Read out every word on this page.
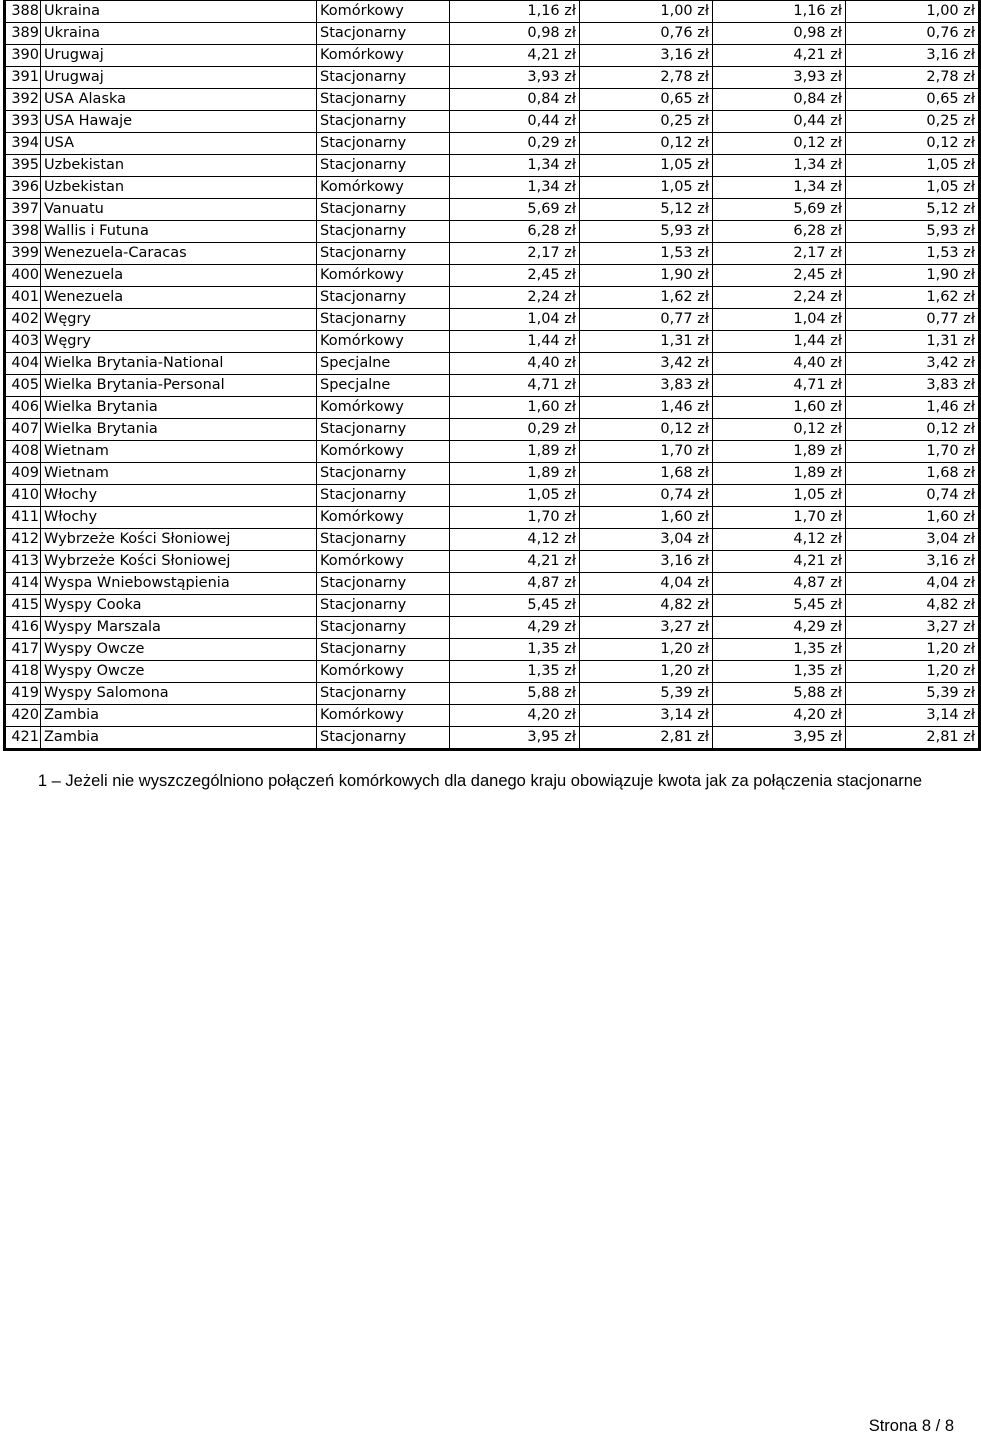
388	Ukraina	Komórkowy	1,16 zł	1,00 zł	1,16 zł	1,00 zł
389	Ukraina	Stacjonarny	0,98 zł	0,76 zł	0,98 zł	0,76 zł
390	Urugwaj	Komórkowy	4,21 zł	3,16 zł	4,21 zł	3,16 zł
391	Urugwaj	Stacjonarny	3,93 zł	2,78 zł	3,93 zł	2,78 zł
392	USA Alaska	Stacjonarny	0,84 zł	0,65 zł	0,84 zł	0,65 zł
393	USA Hawaje	Stacjonarny	0,44 zł	0,25 zł	0,44 zł	0,25 zł
394	USA	Stacjonarny	0,29 zł	0,12 zł	0,12 zł	0,12 zł
395	Uzbekistan	Stacjonarny	1,34 zł	1,05 zł	1,34 zł	1,05 zł
396	Uzbekistan	Komórkowy	1,34 zł	1,05 zł	1,34 zł	1,05 zł
397	Vanuatu	Stacjonarny	5,69 zł	5,12 zł	5,69 zł	5,12 zł
398	Wallis i Futuna	Stacjonarny	6,28 zł	5,93 zł	6,28 zł	5,93 zł
399	Wenezuela-Caracas	Stacjonarny	2,17 zł	1,53 zł	2,17 zł	1,53 zł
400	Wenezuela	Komórkowy	2,45 zł	1,90 zł	2,45 zł	1,90 zł
401	Wenezuela	Stacjonarny	2,24 zł	1,62 zł	2,24 zł	1,62 zł
402	Węgry	Stacjonarny	1,04 zł	0,77 zł	1,04 zł	0,77 zł
403	Węgry	Komórkowy	1,44 zł	1,31 zł	1,44 zł	1,31 zł
404	Wielka Brytania-National	Specjalne	4,40 zł	3,42 zł	4,40 zł	3,42 zł
405	Wielka Brytania-Personal	Specjalne	4,71 zł	3,83 zł	4,71 zł	3,83 zł
406	Wielka Brytania	Komórkowy	1,60 zł	1,46 zł	1,60 zł	1,46 zł
407	Wielka Brytania	Stacjonarny	0,29 zł	0,12 zł	0,12 zł	0,12 zł
408	Wietnam	Komórkowy	1,89 zł	1,70 zł	1,89 zł	1,70 zł
409	Wietnam	Stacjonarny	1,89 zł	1,68 zł	1,89 zł	1,68 zł
410	Włochy	Stacjonarny	1,05 zł	0,74 zł	1,05 zł	0,74 zł
411	Włochy	Komórkowy	1,70 zł	1,60 zł	1,70 zł	1,60 zł
412	Wybrzeże Kości Słoniowej	Stacjonarny	4,12 zł	3,04 zł	4,12 zł	3,04 zł
413	Wybrzeże Kości Słoniowej	Komórkowy	4,21 zł	3,16 zł	4,21 zł	3,16 zł
414	Wyspa Wniebowstąpienia	Stacjonarny	4,87 zł	4,04 zł	4,87 zł	4,04 zł
415	Wyspy Cooka	Stacjonarny	5,45 zł	4,82 zł	5,45 zł	4,82 zł
416	Wyspy Marszala	Stacjonarny	4,29 zł	3,27 zł	4,29 zł	3,27 zł
417	Wyspy Owcze	Stacjonarny	1,35 zł	1,20 zł	1,35 zł	1,20 zł
418	Wyspy Owcze	Komórkowy	1,35 zł	1,20 zł	1,35 zł	1,20 zł
419	Wyspy Salomona	Stacjonarny	5,88 zł	5,39 zł	5,88 zł	5,39 zł
420	Zambia	Komórkowy	4,20 zł	3,14 zł	4,20 zł	3,14 zł
421	Zambia	Stacjonarny	3,95 zł	2,81 zł	3,95 zł	2,81 zł
1 – Jeżeli nie wyszczególniono połączeń komórkowych dla danego kraju obowiązuje kwota jak za połączenia stacjonarne
Strona 8 / 8
